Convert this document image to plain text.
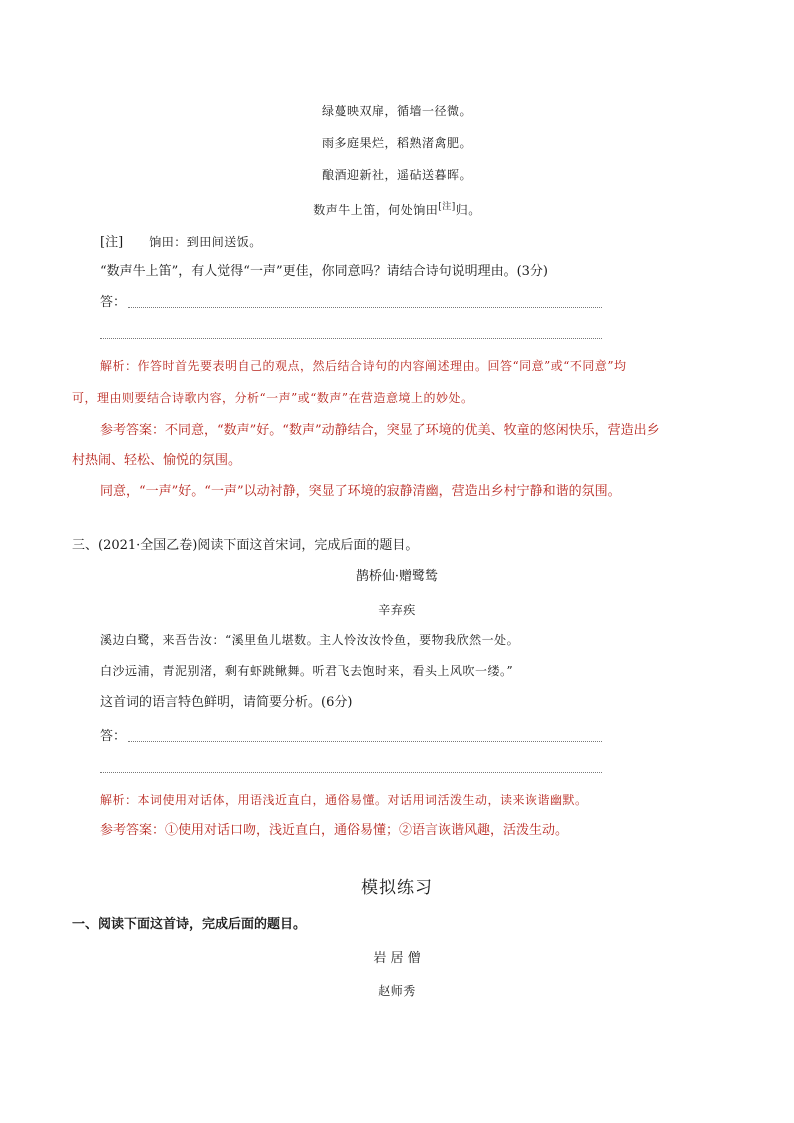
绿蔓映双扉，循墙一径微。
雨多庭果烂，稻熟渚禽肥。
酿酒迎新社，遥砧送暮晖。
数声牛上笛，何处饷田[注]归。
[注] 饷田：到田间送饭。
“数声牛上笛”，有人觉得“一声”更佳，你同意吗？请结合诗句说明理由。(3分)
答：
解析：作答时首先要表明自己的观点，然后结合诗句的内容阐述理由。回答“同意”或“不同意”均
可，理由则要结合诗歌内容，分析“一声”或“数声”在营造意境上的妙处。
参考答案：不同意，“数声”好。“数声”动静结合，突显了环境的优美、牧童的悠闲快乐，营造出乡
村热闹、轻松、愉悦的氛围。
同意，“一声”好。“一声”以动衬静，突显了环境的寂静清幽，营造出乡村宁静和谐的氛围。
三、(2021·全国乙卷)阅读下面这首宋词，完成后面的题目。
鹊桥仙·赠鹭鸶
辛弃疾
溪边白鹭，来吾告汝：“溪里鱼儿堪数。主人怜汝汝怜鱼，要物我欣然一处。
白沙远浦，青泥别渚，剩有虾跳鳅舞。听君飞去饱时来，看头上风吹一缕。”
这首词的语言特色鲜明，请简要分析。(6分)
答：
解析：本词使用对话体，用语浅近直白，通俗易懂。对话用词活泼生动，读来诙谐幽默。
参考答案：①使用对话口吻，浅近直白，通俗易懂；②语言诙谐风趣，活泼生动。
模拟练习
一、阅读下面这首诗，完成后面的题目。
岩 居 僧
赵师秀
